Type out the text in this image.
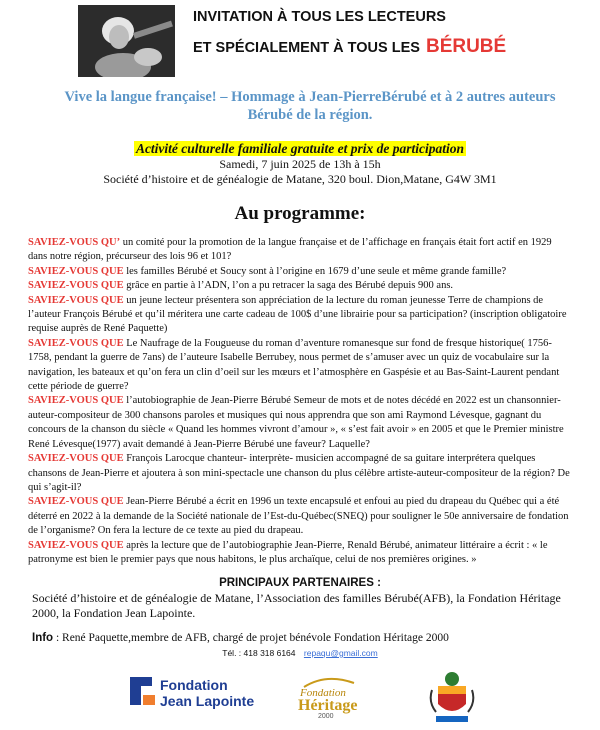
INVITATION À TOUS LES LECTEURS
ET SPÉCIALEMENT À TOUS LES BÉRUBÉ
Vive la langue française! – Hommage à Jean-PierreBérubé et à 2 autres auteurs Bérubé de la région.
Activité culturelle familiale gratuite et prix de participation
Samedi, 7 juin 2025 de 13h à 15h
Société d’histoire et de généalogie de Matane, 320 boul. Dion,Matane, G4W 3M1
Au programme:

SAVIEZ-VOUS QU’ un comité pour la promotion de la langue française et de l’affichage en français était fort actif en 1929 dans notre région, précurseur des lois 96 et 101?

SAVIEZ-VOUS QUE les familles Bérubé et Soucy sont à l’origine en 1679 d’une seule et même grande famille?

SAVIEZ-VOUS QUE grâce en partie à l’ADN, l’on a pu retracer la saga des Bérubé depuis 900 ans.

SAVIEZ-VOUS QUE un jeune lecteur présentera son appréciation de la lecture du roman jeunesse Terre de champions de l’auteur François Bérubé et qu’il méritera une carte cadeau de 100$ d’une librairie pour sa participation? (inscription obligatoire requise auprès de René Paquette)

SAVIEZ-VOUS QUE Le Naufrage de la Fougueuse du roman d’aventure romanesque sur fond de fresque historique( 1756-1758, pendant la guerre de 7ans) de l’auteure Isabelle Berrubey, nous permet de s’amuser avec un quiz de vocabulaire sur la navigation, les bateaux et qu’on fera un clin d’oeil sur les mœurs et l’atmosphère en Gaspésie et au Bas-Saint-Laurent pendant cette période de guerre?

SAVIEZ-VOUS QUE l’autobiographie de Jean-Pierre Bérubé Semeur de mots et de notes décédé en 2022 est un chansonnier-auteur-compositeur de 300 chansons paroles et musiques qui nous apprendra que son ami Raymond Lévesque, gagnant du concours de la chanson du siècle « Quand les hommes vivront d’amour », « s’est fait avoir » en 2005 et que le Premier ministre René Lévesque(1977) avait demandé à Jean-Pierre Bérubé une faveur? Laquelle?

SAVIEZ-VOUS QUE François Larocque chanteur- interprète- musicien accompagné de sa guitare interprétera quelques chansons de Jean-Pierre et ajoutera à son mini-spectacle une chanson du plus célèbre artiste-auteur-compositeur de la région? De qui s’agit-il?

SAVIEZ-VOUS QUE Jean-Pierre Bérubé a écrit en 1996 un texte encapsulé et enfoui au pied du drapeau du Québec qui a été déterré en 2022 à la demande de la Société nationale de l’Est-du-Québec(SNEQ) pour souligner le 50e anniversaire de fondation de l’organisme? On fera la lecture de ce texte au pied du drapeau.

SAVIEZ-VOUS QUE après la lecture que de l’autobiographie Jean-Pierre, Renald Bérubé, animateur littéraire a écrit : « le patronyme est bien le premier pays que nous habitons, le plus archaïque, celui de nos premières origines. »

PRINCIPAUX PARTENAIRES :
Société d’histoire et de généalogie de Matane, l’Association des familles Bérubé(AFB), la Fondation Héritage 2000, la Fondation Jean Lapointe.
Info : René Paquette,membre de AFB, chargé de projet bénévole Fondation Héritage 2000
Tél. : 418 318 6164 repaqu@gmail.com
Fondation
Jean Lapointe	Fondation
Héritage
2000
